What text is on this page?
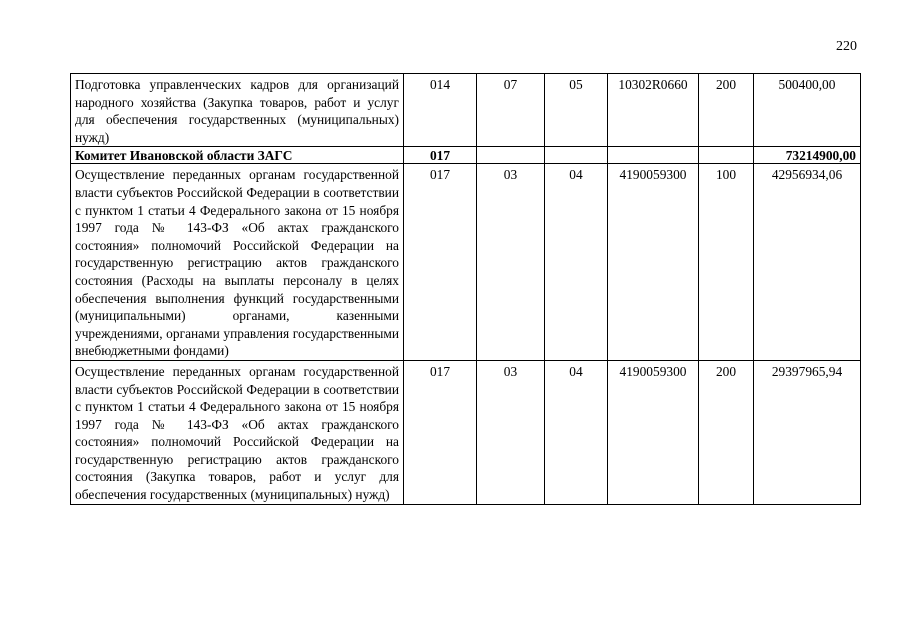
220
Подготовка управленческих кадров для организаций народного хозяйства (Закупка товаров, работ и услуг для обеспечения государственных (муниципальных) нужд)	014	07	05	10302R0660	200	500400,00
Комитет Ивановской области ЗАГС	017					73214900,00
Осуществление переданных органам государственной власти субъектов Российской Федерации в соответствии с пунктом 1 статьи 4 Федерального закона от 15 ноября 1997 года № 143-ФЗ «Об актах гражданского состояния» полномочий Российской Федерации на государственную регистрацию актов гражданского состояния (Расходы на выплаты персоналу в целях обеспечения выполнения функций государственными (муниципальными) органами, казенными учреждениями, органами управления государственными внебюджетными фондами)	017	03	04	4190059300	100	42956934,06
Осуществление переданных органам государственной власти субъектов Российской Федерации в соответствии с пунктом 1 статьи 4 Федерального закона от 15 ноября 1997 года № 143-ФЗ «Об актах гражданского состояния» полномочий Российской Федерации на государственную регистрацию актов гражданского состояния (Закупка товаров, работ и услуг для обеспечения государственных (муниципальных) нужд)	017	03	04	4190059300	200	29397965,94
